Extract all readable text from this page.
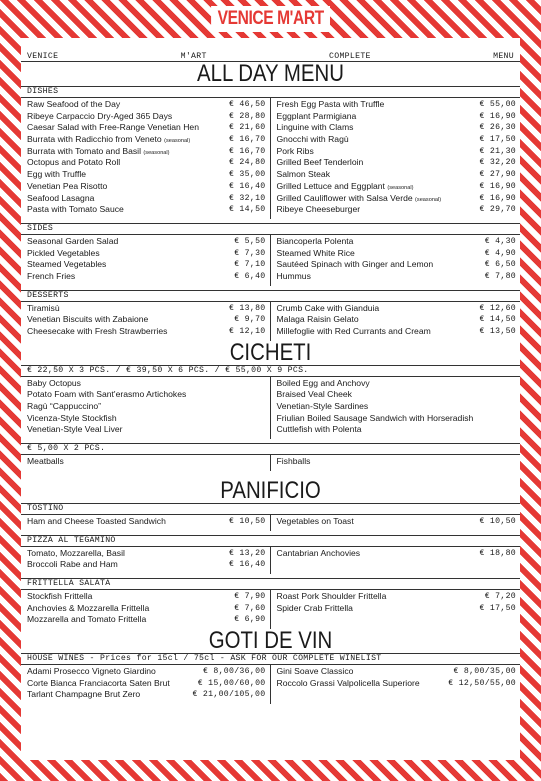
VENICE M'ART
VENICE	M'ART	COMPLETE	MENU
ALL DAY MENU
DISHES
Raw Seafood of the Day	€ 46,50
Ribeye Carpaccio Dry-Aged 365 Days	€ 28,80
Caesar Salad with Free-Range Venetian Hen	€ 21,60
Burrata with Radicchio from Veneto (seasonal)	€ 16,70
Burrata with Tomato and Basil (seasonal)	€ 16,70
Octopus and Potato Roll	€ 24,80
Egg with Truffle	€ 35,00
Venetian Pea Risotto	€ 16,40
Seafood Lasagna	€ 32,10
Pasta with Tomato Sauce	€ 14,50
Fresh Egg Pasta with Truffle	€ 55,00
Eggplant Parmigiana	€ 16,90
Linguine with Clams	€ 26,30
Gnocchi with Ragù	€ 17,50
Pork Ribs	€ 21,30
Grilled Beef Tenderloin	€ 32,20
Salmon Steak	€ 27,90
Grilled Lettuce and Eggplant (seasonal)	€ 16,90
Grilled Cauliflower with Salsa Verde (seasonal)	€ 16,90
Ribeye Cheeseburger	€ 29,70
SIDES
Seasonal Garden Salad	€ 5,50
Pickled Vegetables	€ 7,30
Steamed Vegetables	€ 7,10
French Fries	€ 6,40
Biancoperla Polenta	€ 4,30
Steamed White Rice	€ 4,90
Sautéed Spinach with Ginger and Lemon	€ 6,50
Hummus	€ 7,80
DESSERTS
Tiramisù	€ 13,80
Venetian Biscuits with Zabaione	€ 9,70
Cheesecake with Fresh Strawberries	€ 12,10
Crumb Cake with Gianduia	€ 12,60
Malaga Raisin Gelato	€ 14,50
Millefoglie with Red Currants and Cream	€ 13,50
CICHETI
€ 22,50 X 3 PCS. / € 39,50 X 6 PCS. / € 55,00 X 9 PCS.
Baby Octopus
Potato Foam with Sant'erasmo Artichokes
Ragù “Cappuccino”
Vicenza-Style Stockfish
Venetian-Style Veal Liver
Boiled Egg and Anchovy
Braised Veal Cheek
Venetian-Style Sardines
Friulian Boiled Sausage Sandwich with Horseradish
Cuttlefish with Polenta
€ 5,00 X 2 PCS.
Meatballs	Fishballs
PANIFICIO
TOSTINO
Ham and Cheese Toasted Sandwich	€ 10,50 Vegetables on Toast	€ 10,50
PIZZA AL TEGAMINO
Tomato, Mozzarella, Basil	€ 13,20
Broccoli Rabe and Ham	€ 16,40
Cantabrian Anchovies	€ 18,80
FRITTELLA SALATA
Stockfish Frittella	€ 7,90
Anchovies & Mozzarella Frittella	€ 7,60
Mozzarella and Tomato Frittella	€ 6,90
Roast Pork Shoulder Frittella	€ 7,20
Spider Crab Frittella	€ 17,50
GOTI DE VIN
HOUSE WINES - Prices for 15cl / 75cl - ASK FOR OUR COMPLETE WINELIST
Adami Prosecco Vigneto Giardino	€ 8,00/36,00
Corte Bianca Franciacorta Saten Brut	€ 15,00/60,00
Tarlant Champagne Brut Zero	€ 21,00/105,00
Gini Soave Classico	€ 8,00/35,00
Roccolo Grassi Valpolicella Superiore	€ 12,50/55,00
